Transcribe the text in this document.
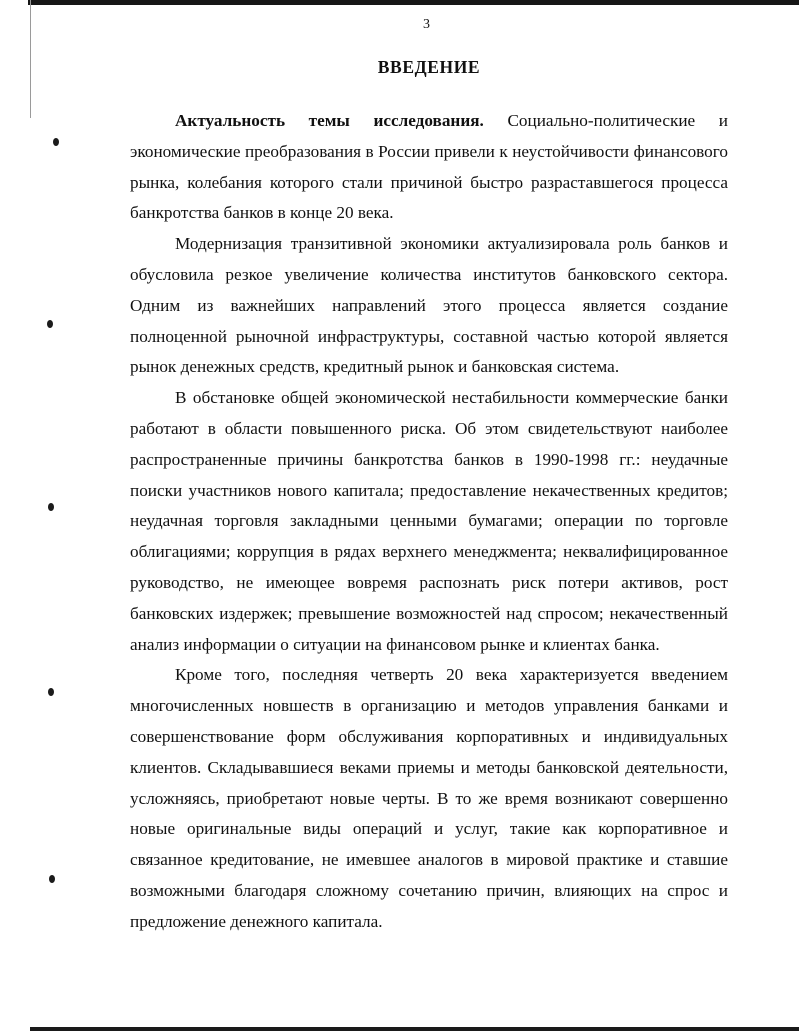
3
ВВЕДЕНИЕ

Актуальность темы исследования. Социально-политические и экономические преобразования в России привели к неустойчивости финансового рынка, колебания которого стали причиной быстро разраставшегося процесса банкротства банков в конце 20 века.

Модернизация транзитивной экономики актуализировала роль банков и обусловила резкое увеличение количества институтов банковского сектора. Одним из важнейших направлений этого процесса является создание полноценной рыночной инфраструктуры, составной частью которой является рынок денежных средств, кредитный рынок и банковская система.

В обстановке общей экономической нестабильности коммерческие банки работают в области повышенного риска. Об этом свидетельствуют наиболее распространенные причины банкротства банков в 1990-1998 гг.: неудачные поиски участников нового капитала; предоставление некачественных кредитов; неудачная торговля закладными ценными бумагами; операции по торговле облигациями; коррупция в рядах верхнего менеджмента; неквалифицированное руководство, не имеющее вовремя распознать риск потери активов, рост банковских издержек; превышение возможностей над спросом; некачественный анализ информации о ситуации на финансовом рынке и клиентах банка.

Кроме того, последняя четверть 20 века характеризуется введением многочисленных новшеств в организацию и методов управления банками и совершенствование форм обслуживания корпоративных и индивидуальных клиентов. Складывавшиеся веками приемы и методы банковской деятельности, усложняясь, приобретают новые черты. В то же время возникают совершенно новые оригинальные виды операций и услуг, такие как корпоративное и связанное кредитование, не имевшее аналогов в мировой практике и ставшие возможными благодаря сложному сочетанию причин, влияющих на спрос и предложение денежного капитала.
